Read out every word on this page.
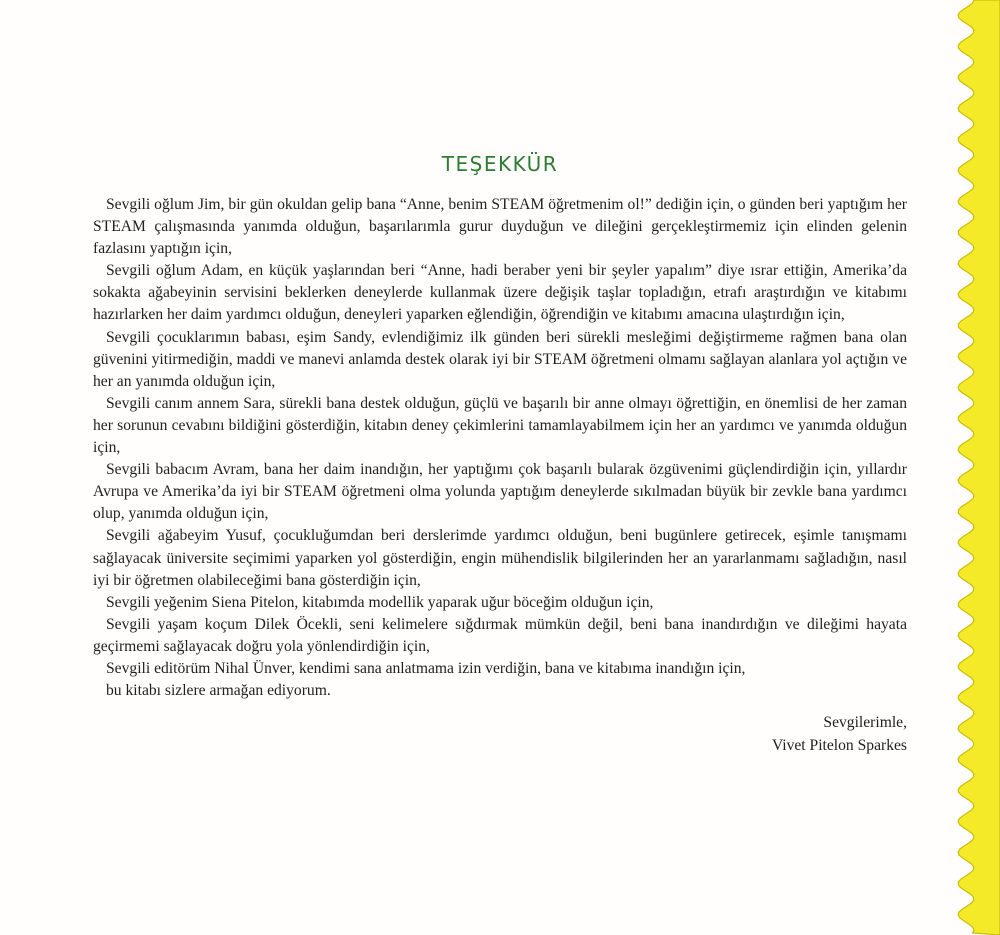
TEŞEKKÜR

Sevgili oğlum Jim, bir gün okuldan gelip bana “Anne, benim STEAM öğretmenim ol!” dediğin için, o günden beri yaptığım her STEAM çalışmasında yanımda olduğun, başarılarımla gurur duyduğun ve dileğini gerçekleştirmemiz için elinden gelenin fazlasını yaptığın için,

Sevgili oğlum Adam, en küçük yaşlarından beri “Anne, hadi beraber yeni bir şeyler yapalım” diye ısrar ettiğin, Amerika’da sokakta ağabeyinin servisini beklerken deneylerde kullanmak üzere değişik taşlar topladığın, etrafı araştırdığın ve kitabımı hazırlarken her daim yardımcı olduğun, deneyleri yaparken eğlendiğin, öğrendiğin ve kitabımı amacına ulaştırdığın için,

Sevgili çocuklarımın babası, eşim Sandy, evlendiğimiz ilk günden beri sürekli mesleğimi değiştirmeme rağmen bana olan güvenini yitirmediğin, maddi ve manevi anlamda destek olarak iyi bir STEAM öğretmeni olmamı sağlayan alanlara yol açtığın ve her an yanımda olduğun için,

Sevgili canım annem Sara, sürekli bana destek olduğun, güçlü ve başarılı bir anne olmayı öğrettiğin, en önemlisi de her zaman her sorunun cevabını bildiğini gösterdiğin, kitabın deney çekimlerini tamamlayabilmem için her an yardımcı ve yanımda olduğun için,

Sevgili babacım Avram, bana her daim inandığın, her yaptığımı çok başarılı bularak özgüvenimi güçlendirdiğin için, yıllardır Avrupa ve Amerika’da iyi bir STEAM öğretmeni olma yolunda yaptığım deneylerde sıkılmadan büyük bir zevkle bana yardımcı olup, yanımda olduğun için,

Sevgili ağabeyim Yusuf, çocukluğumdan beri derslerimde yardımcı olduğun, beni bugünlere getirecek, eşimle tanışmamı sağlayacak üniversite seçimimi yaparken yol gösterdiğin, engin mühendislik bilgilerinden her an yararlanmamı sağladığın, nasıl iyi bir öğretmen olabileceğimi bana gösterdiğin için,

Sevgili yeğenim Siena Pitelon, kitabımda modellik yaparak uğur böceğim olduğun için,

Sevgili yaşam koçum Dilek Öcekli, seni kelimelere sığdırmak mümkün değil, beni bana inandırdığın ve dileğimi hayata geçirmemi sağlayacak doğru yola yönlendirdiğin için,

Sevgili editörüm Nihal Ünver, kendimi sana anlatmama izin verdiğin, bana ve kitabıma inandığın için,

bu kitabı sizlere armağan ediyorum.

Sevgilerimle,
Vivet Pitelon Sparkes
